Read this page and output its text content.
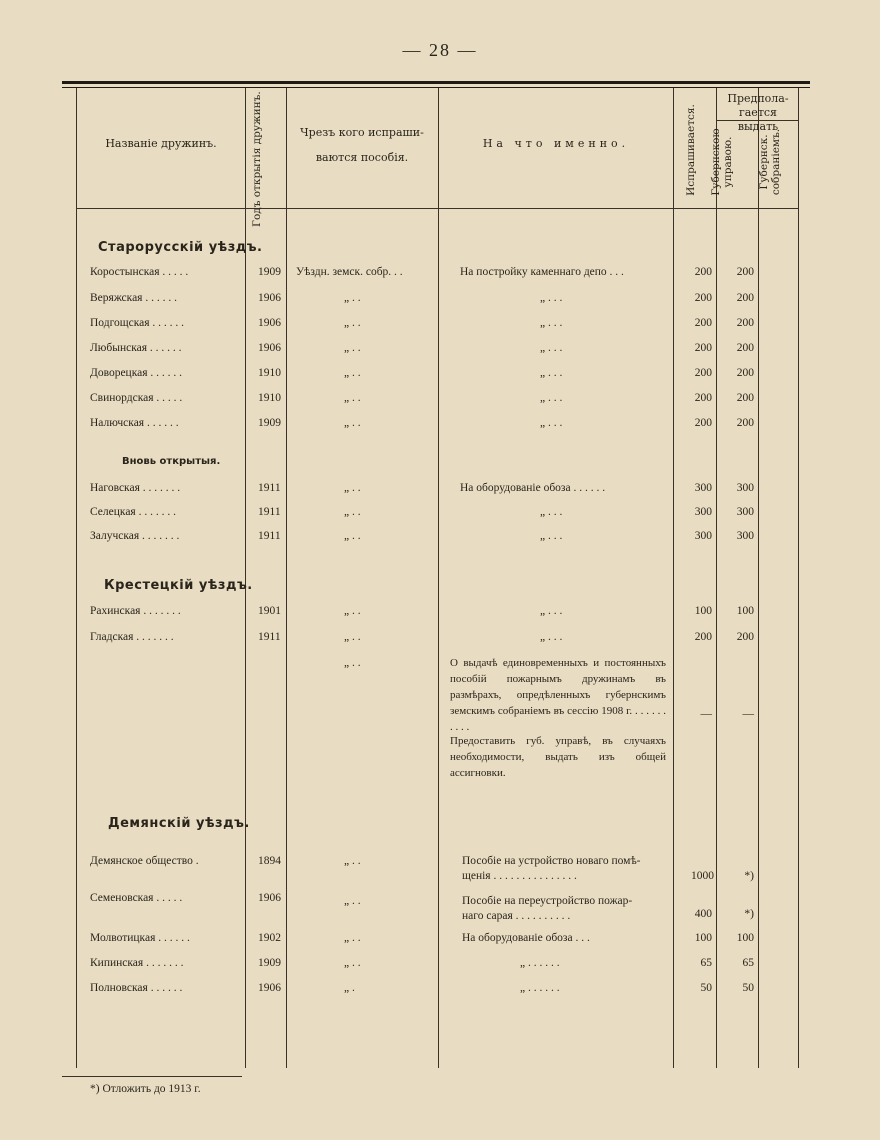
— 28 —
Названіе дружинъ.	Годъ открытія дружинъ.	Чрезъ кого испраши-
ваются пособія.
На что именно.	Испрашивается.
Предпола-гается выдать
Губернскою управою.	Губернск. собраніемъ.
Старорусскій уѣздъ.
Коростынская . . . . .	1909 Уѣздн. земск. собр. . .	На постройку каменнаго депо . . .	200	200
Веряжская . . . . . .	1906	„ . .	„ . . .	200	200
Подгощская . . . . . .	1906	„ . .	„ . . .	200	200
Любынская . . . . . .	1906	„ . .	„ . . .	200	200
Доворецкая . . . . . .	1910	„ . .	„ . . .	200	200
Свинордская . . . . .	1910	„ . .	„ . . .	200	200
Налючская . . . . . .	1909	„ . .	„ . . .	200	200
Вновь открытыя.
Наговская . . . . . . .	1911	„ . .	На оборудованіе обоза . . . . . .	300	300
Селецкая . . . . . . .	1911	„ . .	„ . . .	300	300
Залучская . . . . . . .	1911	„ . .	„ . . .	300	300
Крестецкій уѣздъ.
Рахинская . . . . . . .	1901	„ . .	„ . . .	100	100
Гладская . . . . . . .	1911	„ . .	„ . . .	200	200
„ . .	О выдачѣ единовременныхъ и постоянныхъ пособій пожарнымъ дружинамъ въ размѣрахъ, опредѣленныхъ губернскимъ земскимъ собраніемъ въ сессію 1908 г. . . . . . . . . . .
—	—
Предоставить губ. управѣ, въ случаяхъ необходимости, выдать изъ общей ассигновки.
Демянскій уѣздъ.
Демянское общество .	1894	„ . .	Пособіе на устройство новаго помѣ-
щенія . . . . . . . . . . . . . . .	1000	*)
Семеновская . . . . .	1906	„ . .	Пособіе на переустройство пожар-
наго сарая . . . . . . . . . .	400	*)
Молвотицкая . . . . . .	1902	„ . .	На оборудованіе обоза . . .	100	100
Кипинская . . . . . . .	1909	„ . .	„ . . . . . .	65	65
Полновская . . . . . .	1906	„ .	„ . . . . . .	50	50
*) Отложить до 1913 г.
